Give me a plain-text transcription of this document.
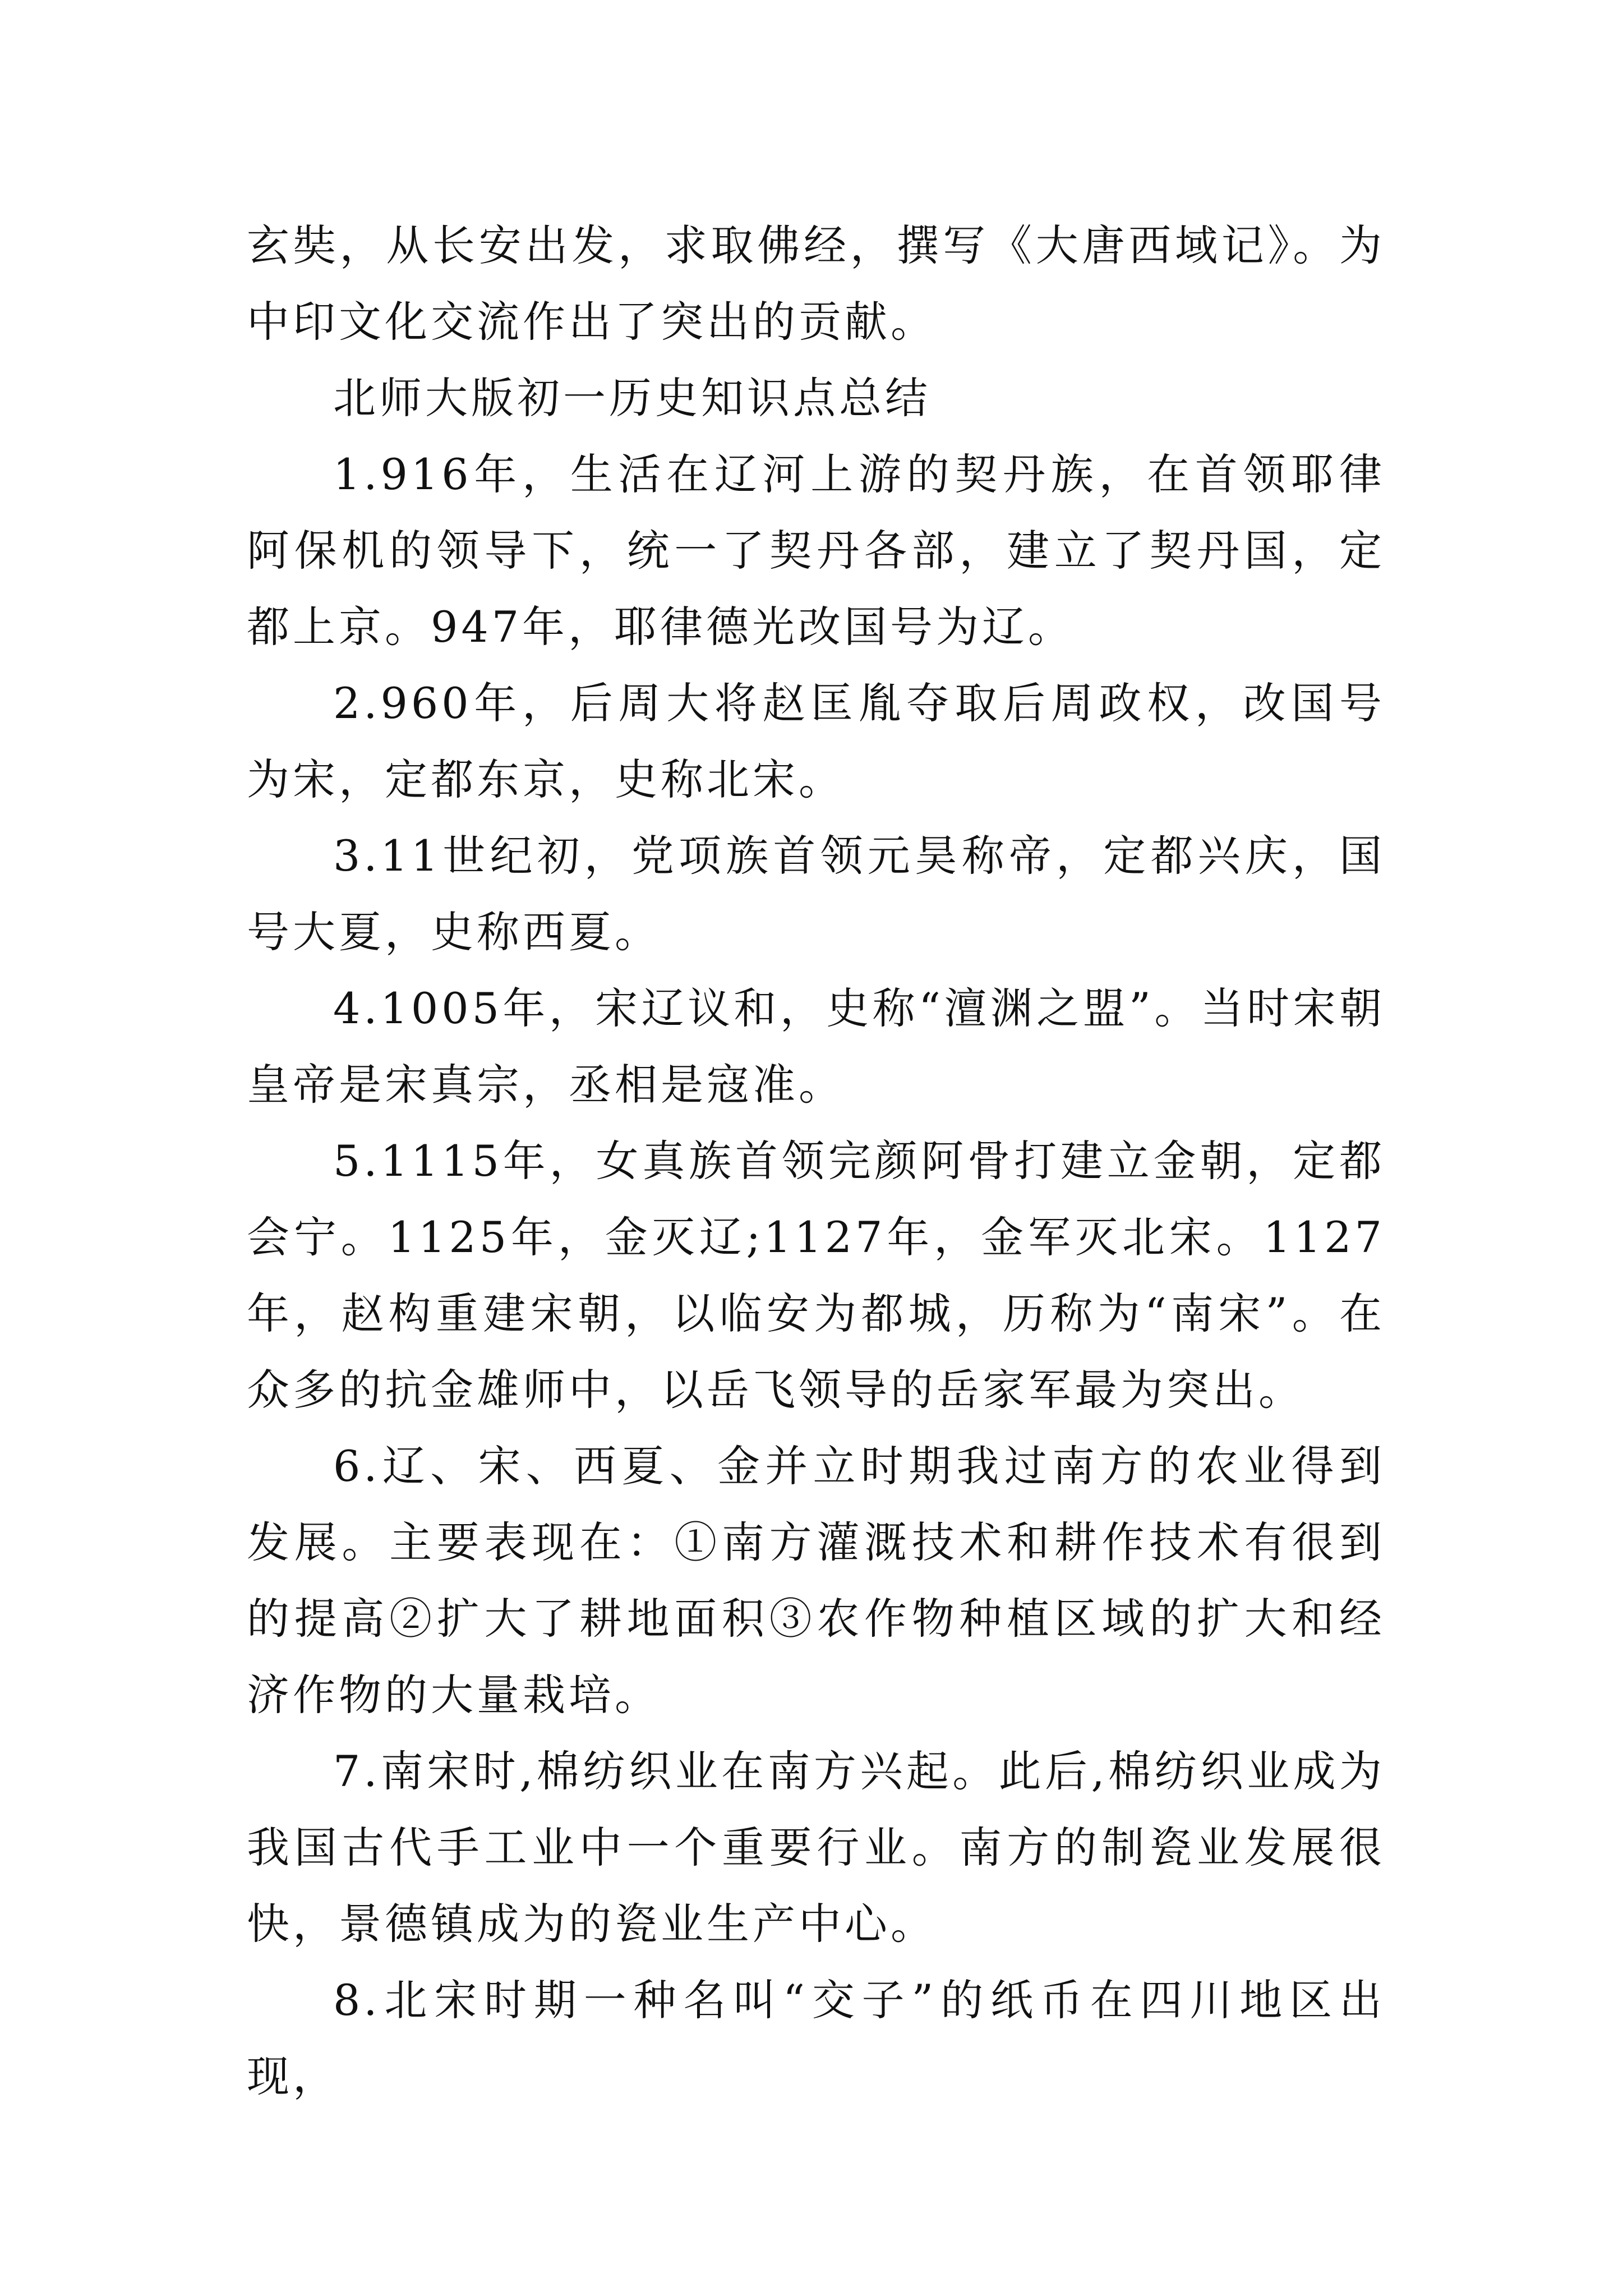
玄奘，从长安出发，求取佛经，撰写《大唐西域记》。为中印文化交流作出了突出的贡献。

北师大版初一历史知识点总结

1.916年，生活在辽河上游的契丹族，在首领耶律阿保机的领导下，统一了契丹各部，建立了契丹国，定都上京。947年，耶律德光改国号为辽。

2.960年，后周大将赵匡胤夺取后周政权，改国号为宋，定都东京，史称北宋。

3.11世纪初，党项族首领元昊称帝，定都兴庆，国号大夏，史称西夏。

4.1005年，宋辽议和，史称“澶渊之盟”。当时宋朝皇帝是宋真宗，丞相是寇准。

5.1115年，女真族首领完颜阿骨打建立金朝，定都会宁。1125年，金灭辽;1127年，金军灭北宋。1127年，赵构重建宋朝，以临安为都城，历称为“南宋”。在众多的抗金雄师中，以岳飞领导的岳家军最为突出。

6.辽、宋、西夏、金并立时期我过南方的农业得到发展。主要表现在：①南方灌溉技术和耕作技术有很到的提高②扩大了耕地面积③农作物种植区域的扩大和经济作物的大量栽培。

7.南宋时,棉纺织业在南方兴起。此后,棉纺织业成为我国古代手工业中一个重要行业。南方的制瓷业发展很快，景德镇成为的瓷业生产中心。

8.北宋时期一种名叫“交子”的纸币在四川地区出现，
